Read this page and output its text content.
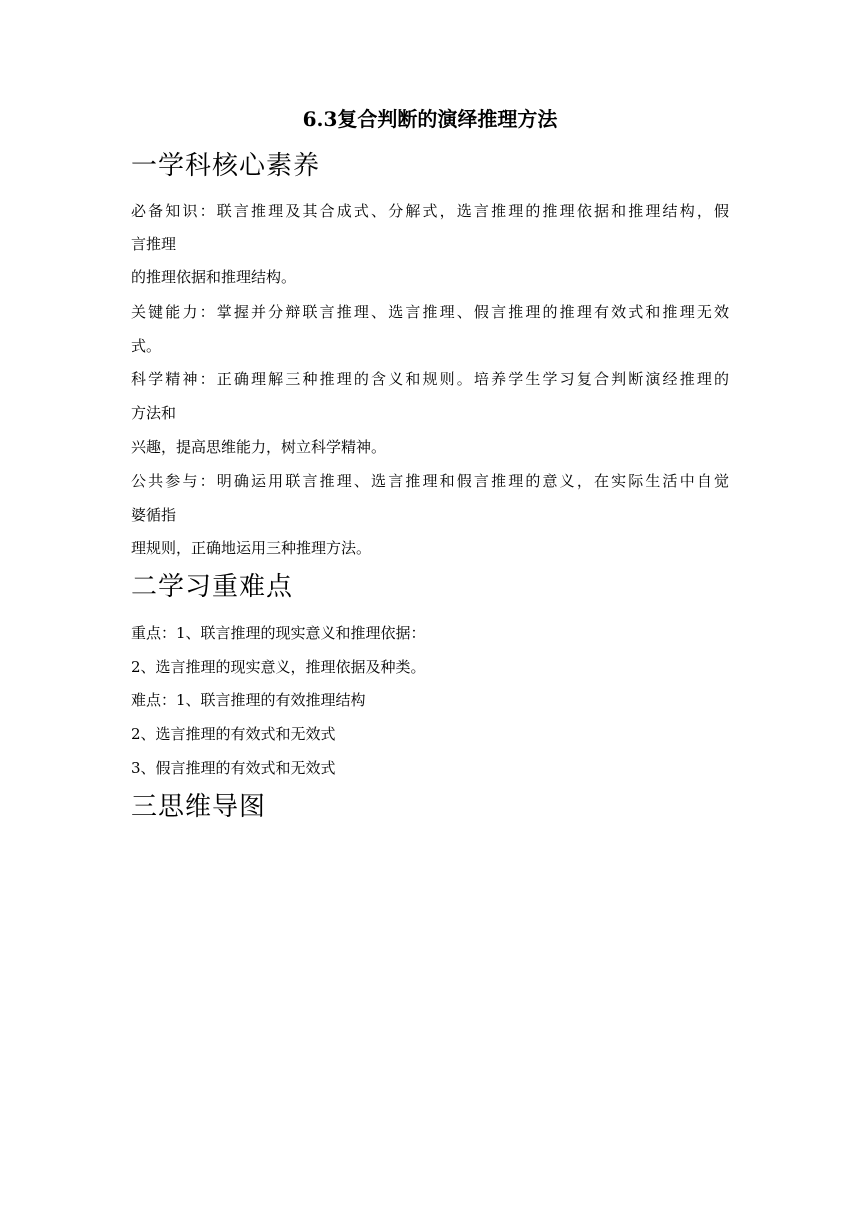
6.3复合判断的演绎推理方法
一学科核心素养
必备知识：联言推理及其合成式、分解式，选言推理的推理依据和推理结构，假
言推理
的推理依据和推理结构。
关键能力：掌握并分辩联言推理、选言推理、假言推理的推理有效式和推理无效
式。
科学精神：正确理解三种推理的含义和规则。培养学生学习复合判断演经推理的
方法和
兴趣，提高思维能力，树立科学精神。
公共参与：明确运用联言推理、选言推理和假言推理的意义，在实际生活中自觉
婆循指
理规则，正确地运用三种推理方法。
二学习重难点
重点：1、联言推理的现实意义和推理依据：
2、选言推理的现实意义，推理依据及种类。
难点：1、联言推理的有效推理结构
2、选言推理的有效式和无效式
3、假言推理的有效式和无效式
三思维导图
